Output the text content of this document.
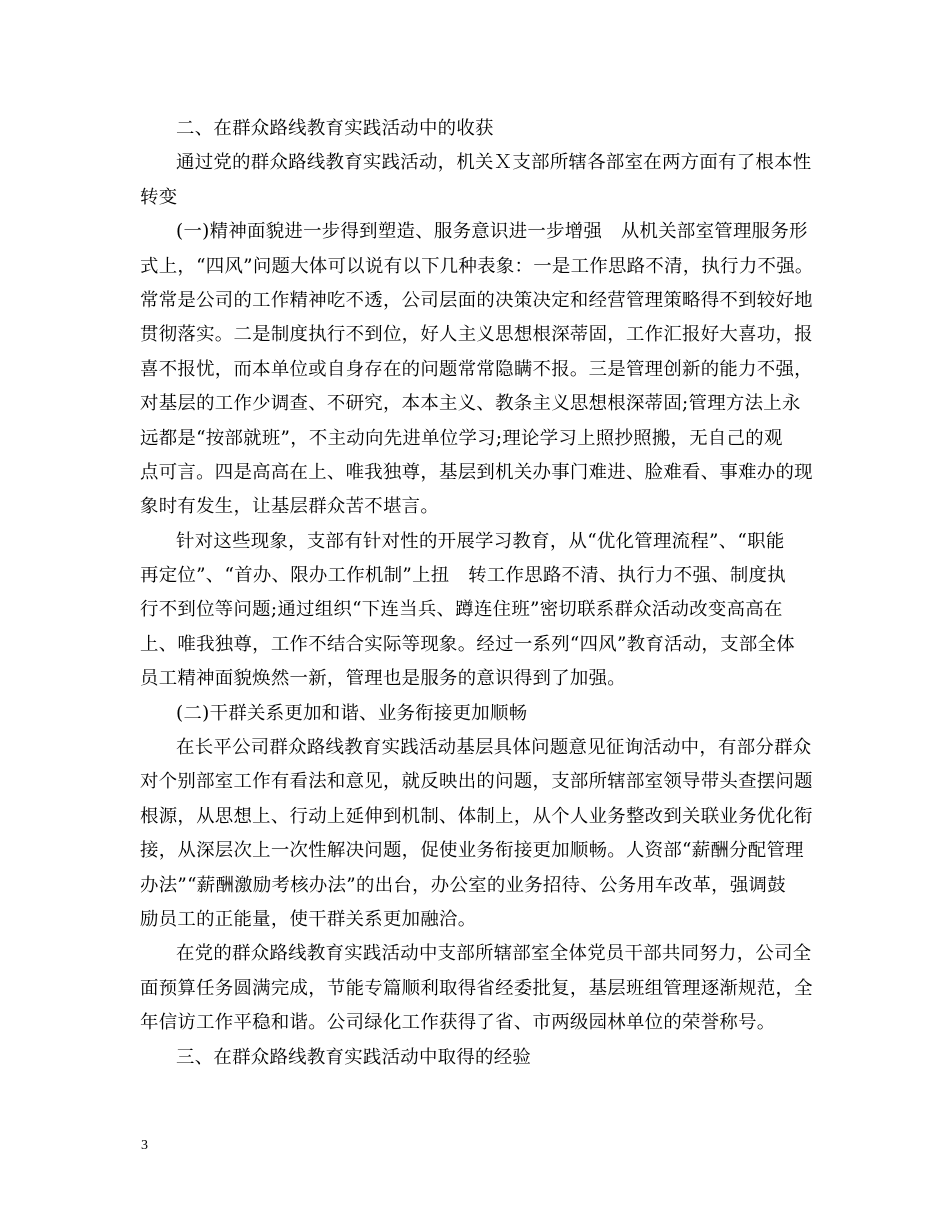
二、在群众路线教育实践活动中的收获
通过党的群众路线教育实践活动，机关Ｘ支部所辖各部室在两方面有了根本性
转变
(一)精神面貌进一步得到塑造、服务意识进一步增强　从机关部室管理服务形
式上，“四风”问题大体可以说有以下几种表象：一是工作思路不清，执行力不强。
常常是公司的工作精神吃不透，公司层面的决策决定和经营管理策略得不到较好地
贯彻落实。二是制度执行不到位，好人主义思想根深蒂固，工作汇报好大喜功，报
喜不报忧，而本单位或自身存在的问题常常隐瞒不报。三是管理创新的能力不强，
对基层的工作少调查、不研究，本本主义、教条主义思想根深蒂固;管理方法上永
远都是“按部就班”，不主动向先进单位学习;理论学习上照抄照搬，无自己的观
点可言。四是高高在上、唯我独尊，基层到机关办事门难进、脸难看、事难办的现
象时有发生，让基层群众苦不堪言。
针对这些现象，支部有针对性的开展学习教育，从“优化管理流程”、“职能
再定位”、“首办、限办工作机制”上扭　转工作思路不清、执行力不强、制度执
行不到位等问题;通过组织“下连当兵、蹲连住班”密切联系群众活动改变高高在
上、唯我独尊，工作不结合实际等现象。经过一系列“四风”教育活动，支部全体
员工精神面貌焕然一新，管理也是服务的意识得到了加强。
(二)干群关系更加和谐、业务衔接更加顺畅
在长平公司群众路线教育实践活动基层具体问题意见征询活动中，有部分群众
对个别部室工作有看法和意见，就反映出的问题，支部所辖部室领导带头查摆问题
根源，从思想上、行动上延伸到机制、体制上，从个人业务整改到关联业务优化衔
接，从深层次上一次性解决问题，促使业务衔接更加顺畅。人资部“薪酬分配管理
办法”“薪酬激励考核办法”的出台，办公室的业务招待、公务用车改革，强调鼓
励员工的正能量，使干群关系更加融洽。
在党的群众路线教育实践活动中支部所辖部室全体党员干部共同努力，公司全
面预算任务圆满完成，节能专篇顺利取得省经委批复，基层班组管理逐渐规范，全
年信访工作平稳和谐。公司绿化工作获得了省、市两级园林单位的荣誉称号。
三、在群众路线教育实践活动中取得的经验
3
